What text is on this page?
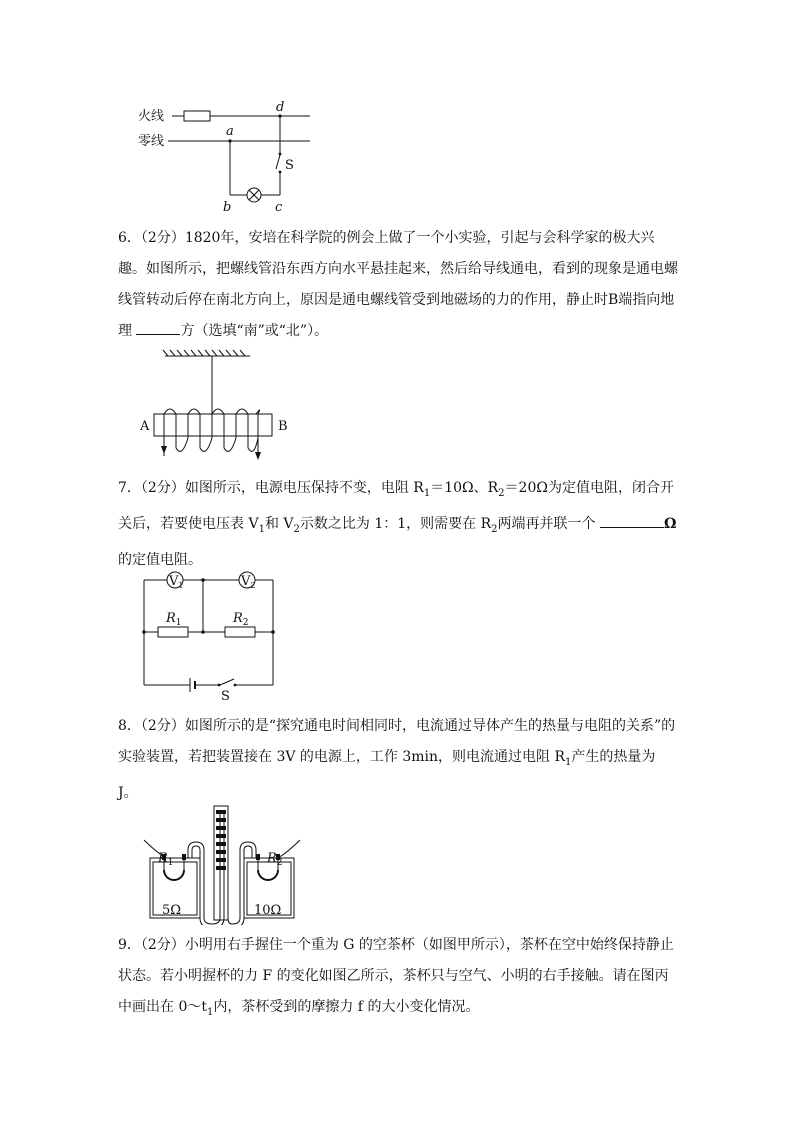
火线
零线
a
d
b	c
S
6．（2分）1820年，安培在科学院的例会上做了一个小实验，引起与会科学家的极大兴趣。如图所示，把螺线管沿东西方向水平悬挂起来，然后给导线通电，看到的现象是通电螺线管转动后停在南北方向上，原因是通电螺线管受到地磁场的力的作用，静止时B端指向地理	方（选填“南”或“北”）。
A	B
7．（2分）如图所示，电源电压保持不变，电阻 $R_1=10\Omega$、$R_2=20\Omega$为定值电阻，闭合开关后，若要使电压表 $V_1$和 $V_2$示数之比为 1：1，则需要在 $R_2$两端再并联一个	Ω的定值电阻。
$V_1$	$V_2$
$R_1$	$R_2$
S
8．（2分）如图所示的是“探究通电时间相同时，电流通过导体产生的热量与电阻的关系”的实验装置，若把装置接在 3V 的电源上，工作 3min，则电流通过电阻 $R_1$产生的热量为 J。
$R_1$	$R_2$
5Ω	10Ω
9．（2分）小明用右手握住一个重为 G 的空茶杯（如图甲所示），茶杯在空中始终保持静止状态。若小明握杯的力 F 的变化如图乙所示，茶杯只与空气、小明的右手接触。请在图丙中画出在 $0\sim t_1$内，茶杯受到的摩擦力 f 的大小变化情况。
